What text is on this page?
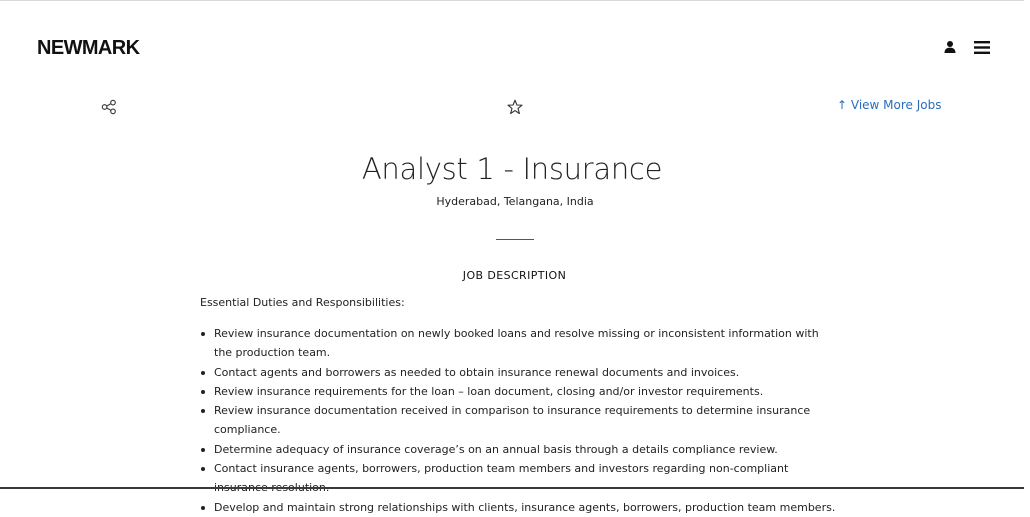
NEWMARK
↑ View More Jobs
Analyst 1 - Insurance
Hyderabad, Telangana, India
JOB DESCRIPTION
Essential Duties and Responsibilities:
Review insurance documentation on newly booked loans and resolve missing or inconsistent information with the production team.
Contact agents and borrowers as needed to obtain insurance renewal documents and invoices.
Review insurance requirements for the loan – loan document, closing and/or investor requirements.
Review insurance documentation received in comparison to insurance requirements to determine insurance compliance.
Determine adequacy of insurance coverage’s on an annual basis through a details compliance review.
Contact insurance agents, borrowers, production team members and investors regarding non-compliant
Develop and maintain strong relationships with clients, insurance agents, borrowers, production team members.
